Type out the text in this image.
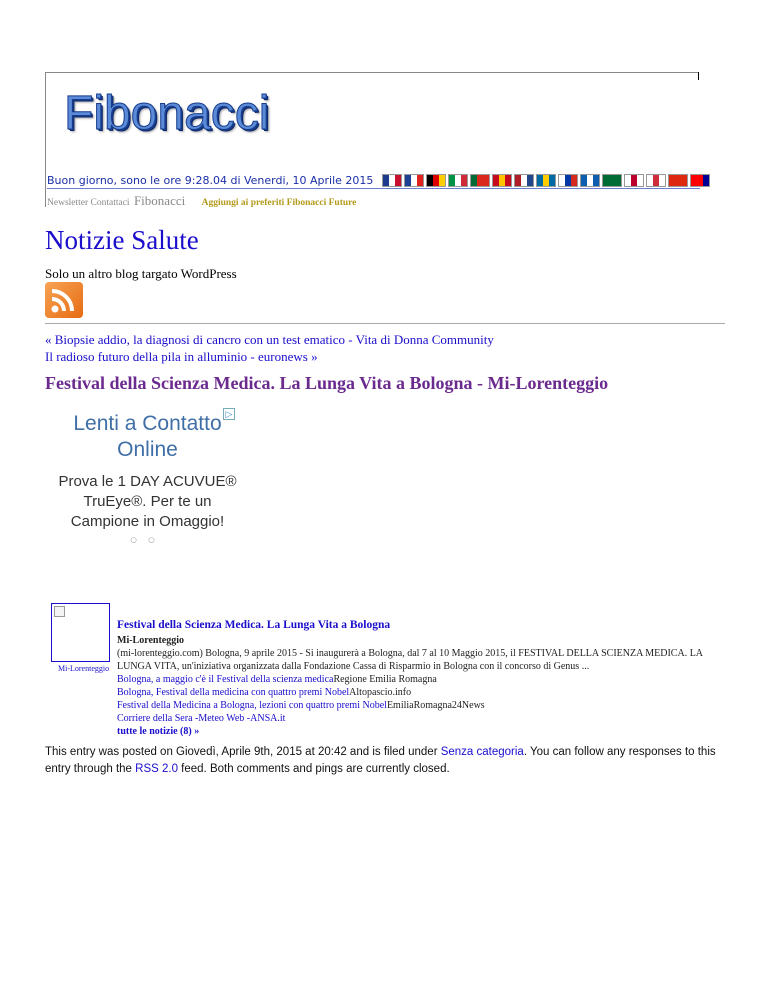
Fibonacci
Buon giorno, sono le ore 9:28.04 di Venerdi, 10 Aprile 2015
Newsletter Contattaci Fibonacci Aggiungi ai preferiti Fibonacci Future
Notizie Salute
Solo un altro blog targato WordPress
« Biopsie addio, la diagnosi di cancro con un test ematico - Vita di Donna Community
Il radioso futuro della pila in alluminio - euronews »
Festival della Scienza Medica. La Lunga Vita a Bologna - Mi-Lorenteggio
▷
Lenti a Contatto Online
Prova le 1 DAY ACUVUE® TruEye®. Per te un Campione in Omaggio!
○○
Mi-Lorenteggio
Festival della Scienza Medica. La Lunga Vita a Bologna
Mi-Lorenteggio
(mi-lorenteggio.com) Bologna, 9 aprile 2015 - Si inaugurerà a Bologna, dal 7 al 10 Maggio 2015, il FESTIVAL DELLA SCIENZA MEDICA. LA LUNGA VITA, un'iniziativa organizzata dalla Fondazione Cassa di Risparmio in Bologna con il concorso di Genus ...
Bologna, a maggio c'è il Festival della scienza medicaRegione Emilia Romagna
Bologna, Festival della medicina con quattro premi NobelAltopascio.info
Festival della Medicina a Bologna, lezioni con quattro premi NobelEmiliaRomagna24News
Corriere della Sera -Meteo Web -ANSA.it
tutte le notizie (8) »
This entry was posted on Giovedì, Aprile 9th, 2015 at 20:42 and is filed under Senza categoria. You can follow any responses to this entry through the RSS 2.0 feed. Both comments and pings are currently closed.
